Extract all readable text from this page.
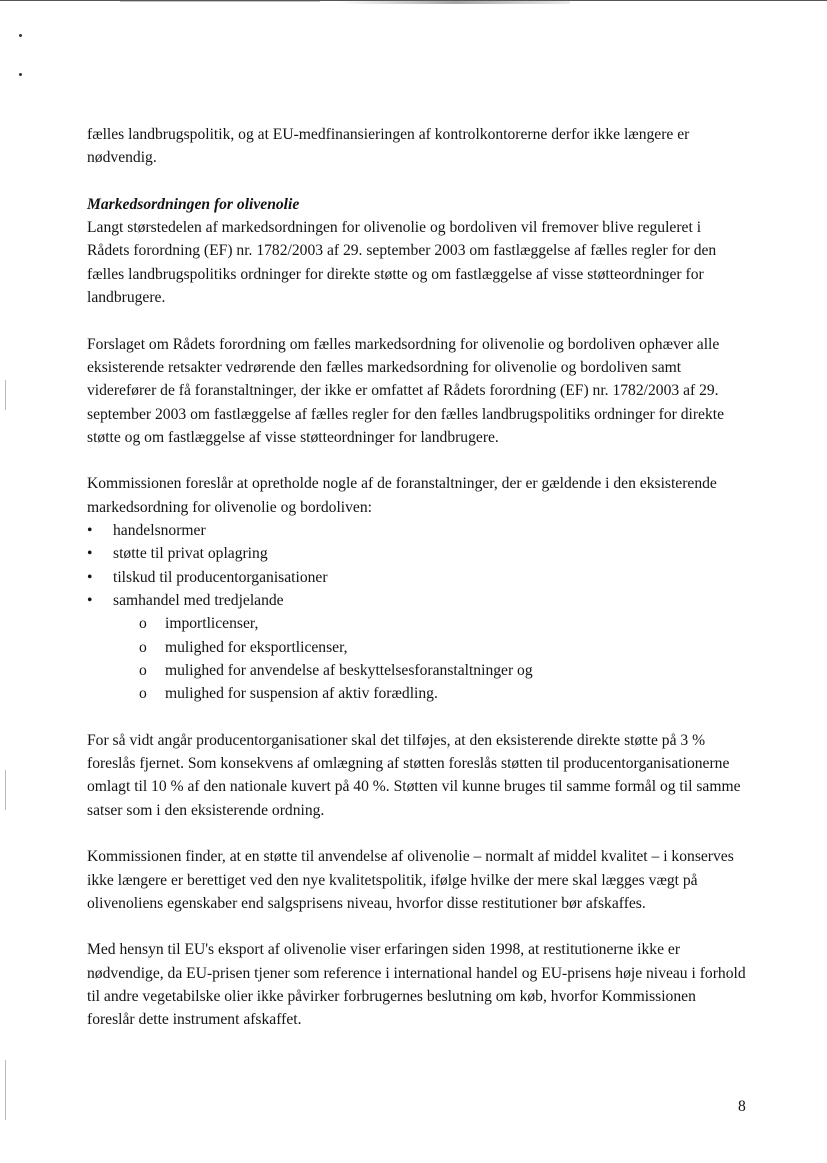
fælles landbrugspolitik, og at EU-medfinansieringen af kontrolkontorerne derfor ikke længere er nødvendig.

Markedsordningen for olivenolie

Langt størstedelen af markedsordningen for olivenolie og bordoliven vil fremover blive reguleret i Rådets forordning (EF) nr. 1782/2003 af 29. september 2003 om fastlæggelse af fælles regler for den fælles landbrugspolitiks ordninger for direkte støtte og om fastlæggelse af visse støtteordninger for landbrugere.

Forslaget om Rådets forordning om fælles markedsordning for olivenolie og bordoliven ophæver alle eksisterende retsakter vedrørende den fælles markedsordning for olivenolie og bordoliven samt viderefører de få foranstaltninger, der ikke er omfattet af Rådets forordning (EF) nr. 1782/2003 af 29. september 2003 om fastlæggelse af fælles regler for den fælles landbrugspolitiks ordninger for direkte støtte og om fastlæggelse af visse støtteordninger for landbrugere.

Kommissionen foreslår at opretholde nogle af de foranstaltninger, der er gældende i den eksisterende markedsordning for olivenolie og bordoliven:
• handelsnormer
• støtte til privat oplagring
• tilskud til producentorganisationer
• samhandel med tredjelande
o importlicenser,
o mulighed for eksportlicenser,
o mulighed for anvendelse af beskyttelsesforanstaltninger og
o mulighed for suspension af aktiv forædling.

For så vidt angår producentorganisationer skal det tilføjes, at den eksisterende direkte støtte på 3 % foreslås fjernet. Som konsekvens af omlægning af støtten foreslås støtten til producentorganisationerne omlagt til 10 % af den nationale kuvert på 40 %. Støtten vil kunne bruges til samme formål og til samme satser som i den eksisterende ordning.

Kommissionen finder, at en støtte til anvendelse af olivenolie – normalt af middel kvalitet – i konserves ikke længere er berettiget ved den nye kvalitetspolitik, ifølge hvilke der mere skal lægges vægt på olivenoliens egenskaber end salgsprisens niveau, hvorfor disse restitutioner bør afskaffes.

Med hensyn til EU's eksport af olivenolie viser erfaringen siden 1998, at restitutionerne ikke er nødvendige, da EU-prisen tjener som reference i international handel og EU-prisens høje niveau i forhold til andre vegetabilske olier ikke påvirker forbrugernes beslutning om køb, hvorfor Kommissionen foreslår dette instrument afskaffet.

8
